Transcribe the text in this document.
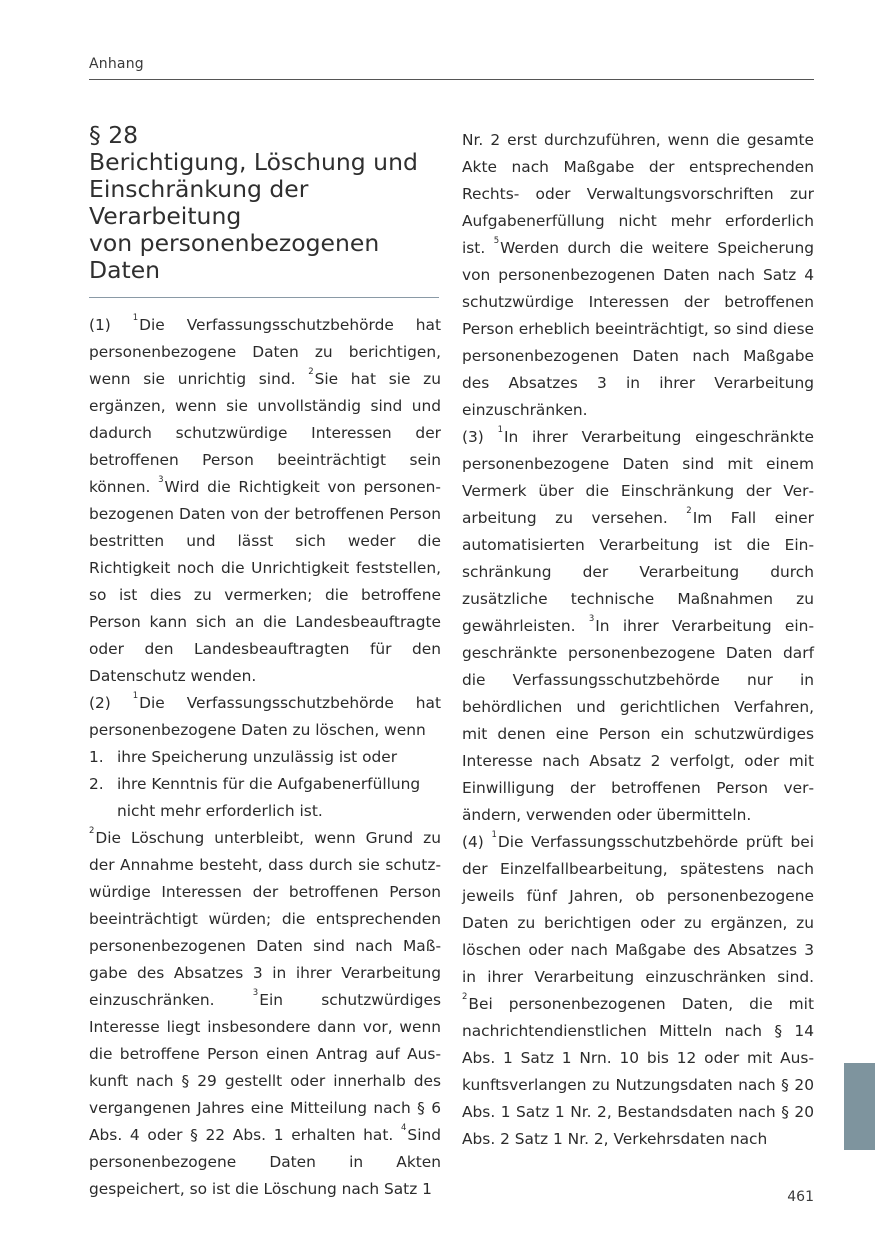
Anhang
§ 28
Berichtigung, Löschung und
Einschränkung der Verarbeitung
von personenbezogenen Daten

(1)	$^1$Die Verfassungsschutzbehörde hat personenbezogene Daten zu berichtigen, wenn sie unrichtig sind. $^2$Sie hat sie zu ergänzen, wenn sie unvollständig sind und dadurch schutzwürdige Interessen der betroffenen Person beeinträchtigt sein können. $^3$Wird die Richtigkeit von personenbezogenen Daten von der betroffenen Person bestritten und lässt sich weder die Richtigkeit noch die Unrichtigkeit feststellen, so ist dies zu vermerken; die betroffene Person kann sich an die Landesbeauftragte oder den Landesbeauftragten für den Datenschutz wenden.

(2)	$^1$Die Verfassungsschutzbehörde hat personenbezogene Daten zu löschen, wenn

1. ihre Speicherung unzulässig ist oder
2. ihre Kenntnis für die Aufgabenerfüllung nicht mehr erforderlich ist.

$^2$Die Löschung unterbleibt, wenn Grund zu der Annahme besteht, dass durch sie schutzwürdige Interessen der betroffenen Person beeinträchtigt würden; die entsprechenden personenbezogenen Daten sind nach Maßgabe des Absatzes 3 in ihrer Verarbeitung einzuschränken.	$^3$Ein schutzwürdiges Interesse liegt insbesondere dann vor, wenn die betroffene Person einen Antrag auf Auskunft nach § 29 gestellt oder innerhalb des vergangenen Jahres eine Mitteilung nach § 6 Abs. 4 oder § 22 Abs. 1 erhalten hat. $^4$Sind personenbezogene Daten in Akten gespeichert, so ist die Löschung nach Satz 1

Nr. 2 erst durchzuführen, wenn die gesamte Akte nach Maßgabe der entsprechenden Rechts- oder Verwaltungsvorschriften zur Aufgabenerfüllung nicht mehr erforderlich ist. $^5$Werden durch die weitere Speicherung von personenbezogenen Daten nach Satz 4 schutzwürdige Interessen der betroffenen Person erheblich beeinträchtigt, so sind diese personenbezogenen Daten nach Maßgabe des Absatzes 3 in ihrer Verarbeitung einzuschränken.

(3) $^1$In ihrer Verarbeitung eingeschränkte personenbezogene Daten sind mit einem Vermerk über die Einschränkung der Verarbeitung zu versehen. $^2$Im Fall einer automatisierten Verarbeitung ist die Einschränkung der Verarbeitung durch zusätzliche technische Maßnahmen zu gewährleisten. $^3$In ihrer Verarbeitung eingeschränkte personenbezogene Daten darf die Verfassungsschutzbehörde nur in behördlichen und gerichtlichen Verfahren, mit denen eine Person ein schutzwürdiges Interesse nach Absatz 2 verfolgt, oder mit Einwilligung der betroffenen Person verändern, verwenden oder übermitteln.

(4) $^1$Die Verfassungsschutzbehörde prüft bei der Einzelfallbearbeitung, spätestens nach jeweils fünf Jahren, ob personenbezogene Daten zu berichtigen oder zu ergänzen, zu löschen oder nach Maßgabe des Absatzes 3 in ihrer Verarbeitung einzuschränken sind. $^2$Bei personenbezogenen Daten, die mit nachrichtendienstlichen Mitteln nach § 14 Abs. 1 Satz 1 Nrn. 10 bis 12 oder mit Auskunftsverlangen zu Nutzungsdaten nach § 20 Abs. 1 Satz 1 Nr. 2, Bestandsdaten nach § 20 Abs. 2 Satz 1 Nr. 2, Verkehrsdaten nach

461
